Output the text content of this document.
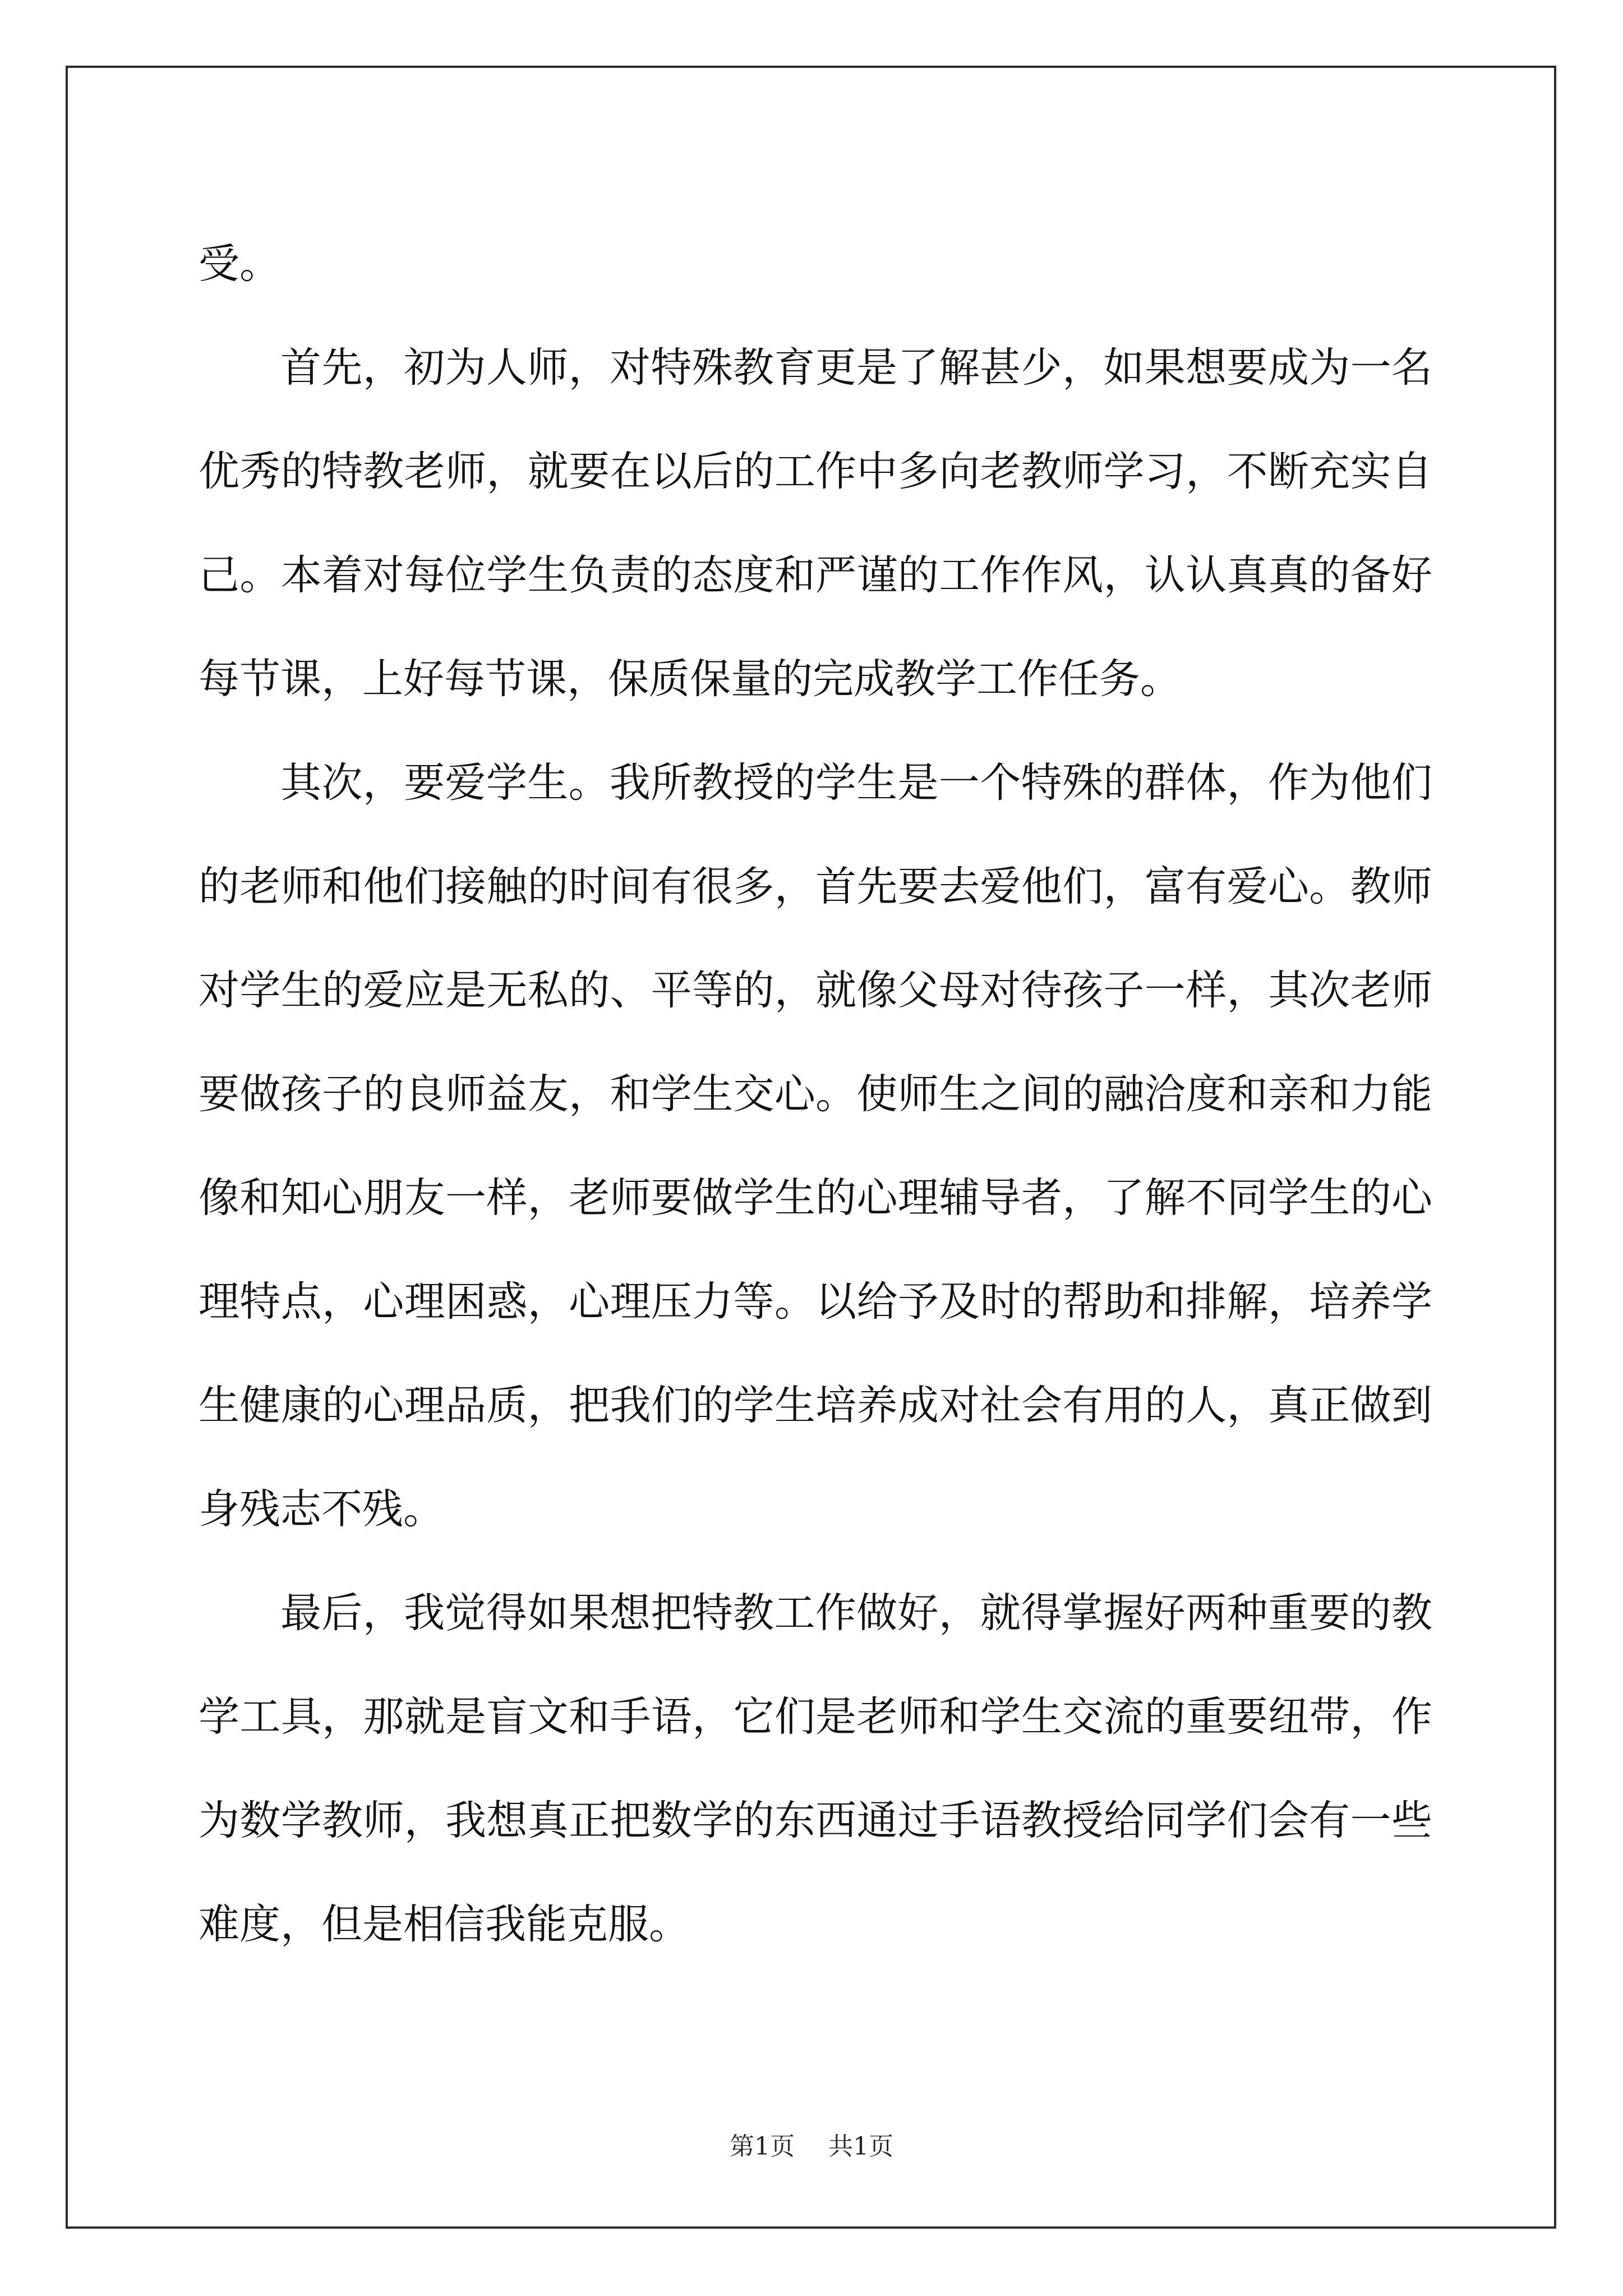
受。

首先，初为人师，对特殊教育更是了解甚少，如果想要成为一名优秀的特教老师，就要在以后的工作中多向老教师学习，不断充实自己。本着对每位学生负责的态度和严谨的工作作风，认认真真的备好每节课，上好每节课，保质保量的完成教学工作任务。

其次，要爱学生。我所教授的学生是一个特殊的群体，作为他们的老师和他们接触的时间有很多，首先要去爱他们，富有爱心。教师对学生的爱应是无私的、平等的，就像父母对待孩子一样，其次老师要做孩子的良师益友，和学生交心。使师生之间的融洽度和亲和力能像和知心朋友一样，老师要做学生的心理辅导者，了解不同学生的心理特点，心理困惑，心理压力等。以给予及时的帮助和排解，培养学生健康的心理品质，把我们的学生培养成对社会有用的人，真正做到身残志不残。

最后，我觉得如果想把特教工作做好，就得掌握好两种重要的教学工具，那就是盲文和手语，它们是老师和学生交流的重要纽带，作为数学教师，我想真正把数学的东西通过手语教授给同学们会有一些难度，但是相信我能克服。

第1页 共1页
